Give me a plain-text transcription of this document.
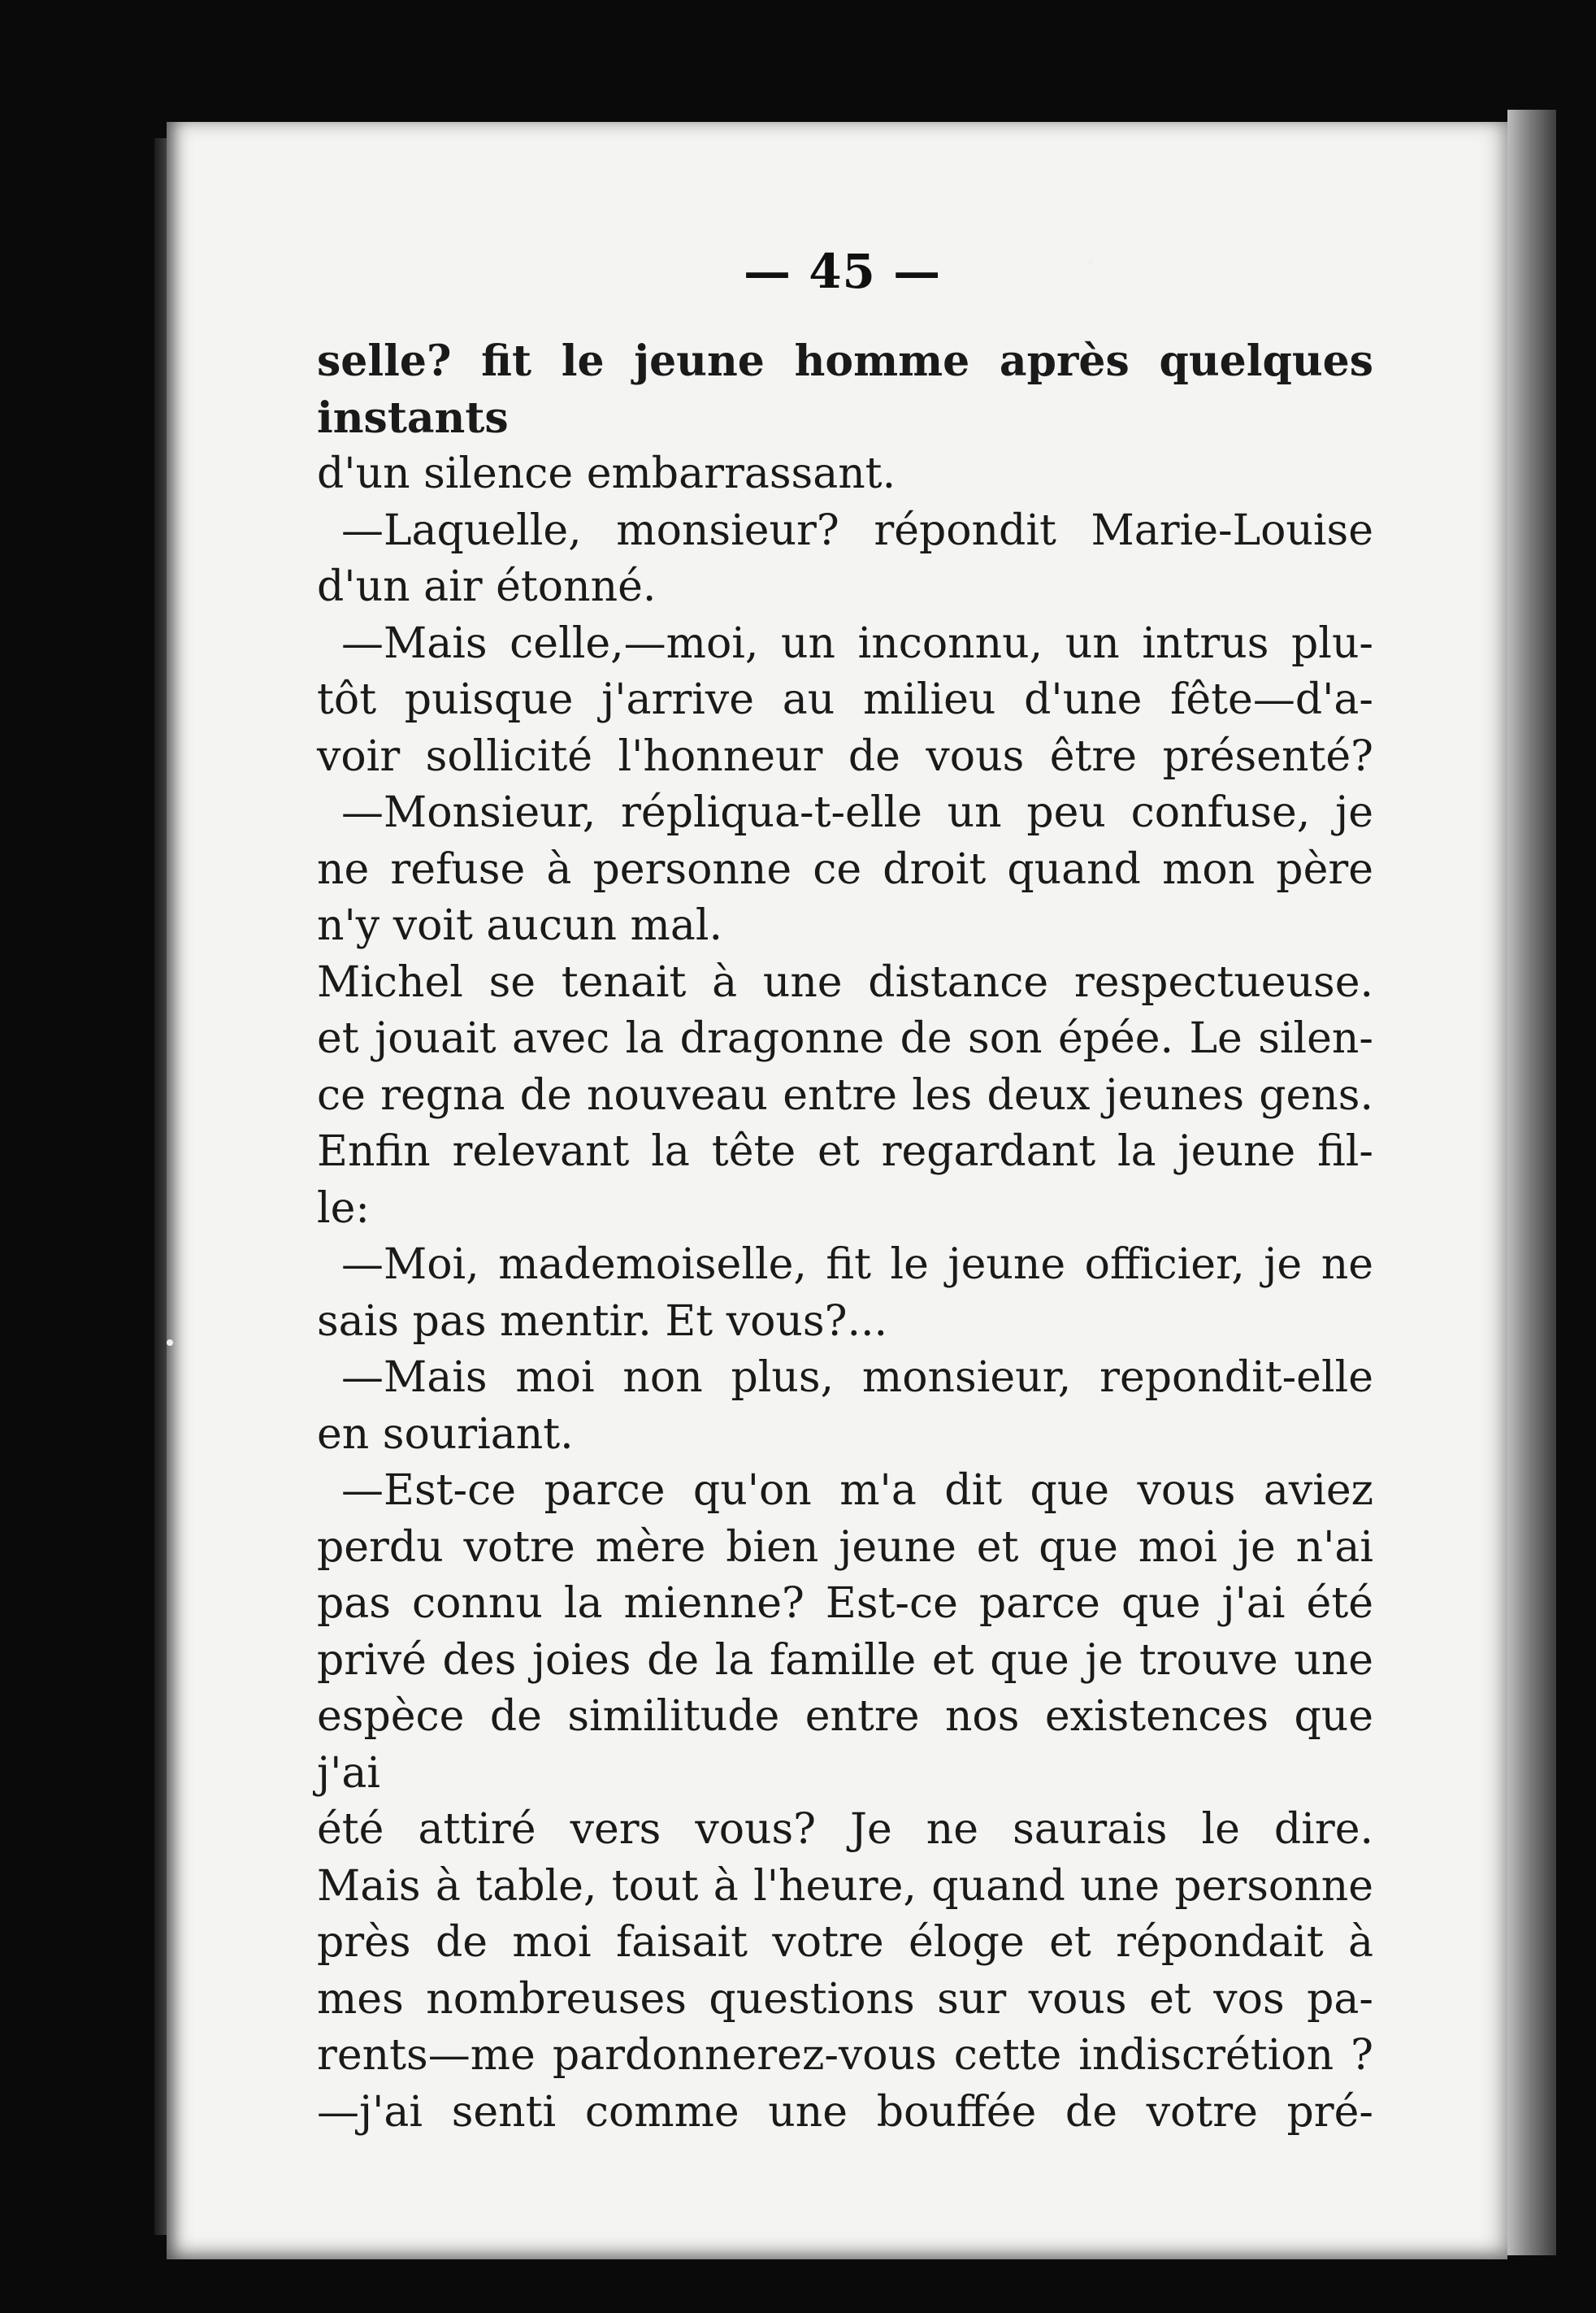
— 45 —
selle? fit le jeune homme après quelques instants
d'un silence embarrassant.
—Laquelle, monsieur? répondit Marie-Louise
d'un air étonné.
—Mais celle,—moi, un inconnu, un intrus plu-
tôt puisque j'arrive au milieu d'une fête—d'a-
voir sollicité l'honneur de vous être présenté?
—Monsieur, répliqua-t-elle un peu confuse, je
ne refuse à personne ce droit quand mon père
n'y voit aucun mal.
Michel se tenait à une distance respectueuse.
et jouait avec la dragonne de son épée. Le silen-
ce regna de nouveau entre les deux jeunes gens.
Enfin relevant la tête et regardant la jeune fil-
le:
—Moi, mademoiselle, fit le jeune officier, je ne
sais pas mentir. Et vous?...
—Mais moi non plus, monsieur, repondit-elle
en souriant.
—Est-ce parce qu'on m'a dit que vous aviez
perdu votre mère bien jeune et que moi je n'ai
pas connu la mienne? Est-ce parce que j'ai été
privé des joies de la famille et que je trouve une
espèce de similitude entre nos existences que j'ai
été attiré vers vous? Je ne saurais le dire.
Mais à table, tout à l'heure, quand une personne
près de moi faisait votre éloge et répondait à
mes nombreuses questions sur vous et vos pa-
rents—me pardonnerez-vous cette indiscrétion ?
—j'ai senti comme une bouffée de votre pré-
